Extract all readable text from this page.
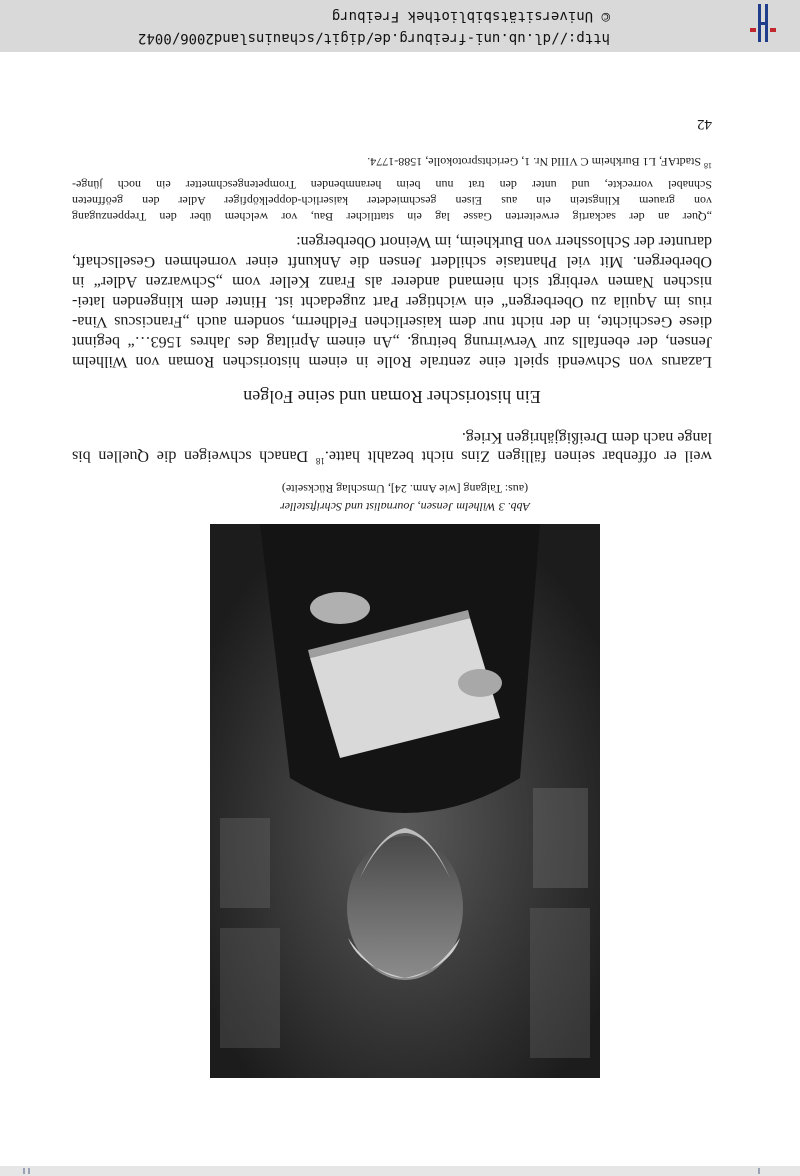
Abb. 3 Wilhelm Jensen, Journalist und Schriftsteller
(aus: Talgang [wie Anm. 24], Umschlag Rückseite)
weil er offenbar seinen fälligen Zins nicht bezahlt hatte.$^{18}$ Danach schweigen die Quellen bis
lange nach dem Dreißigjährigen Krieg.
Ein historischer Roman und seine Folgen
Lazarus von Schwendi spielt eine zentrale Rolle in einem historischen Roman von Wilhelm
Jensen, der ebenfalls zur Verwirrung beitrug. „An einem Apriltag des Jahres 1563…“ beginnt
diese Geschichte, in der nicht nur dem kaiserlichen Feldherrn, sondern auch „Franciscus Vina-
rius im Aquila zu Oberbergen“ ein wichtiger Part zugedacht ist. Hinter dem klingenden latei-
nischen Namen verbirgt sich niemand anderer als Franz Keller vom „Schwarzen Adler“ in
Oberbergen. Mit viel Phantasie schildert Jensen die Ankunft einer vornehmen Gesellschaft,
darunter der Schlossherr von Burkheim, im Weinort Oberbergen:
„Quer an der sackartig erweiterten Gasse lag ein stattlicher Bau, vor welchem über den Treppenzugang
von grauem Klingstein ein aus Eisen geschmiedeter kaiserlich-doppelköpfiger Adler den geöffneten
Schnabel vorreckte, und unter den trat nun beim heranmbenden Trompetengeschmetter ein noch jünge-
$^{18}$ StadtAF, L1 Burkheim C VIIId Nr. 1, Gerichtsprotokolle, 1588-1774.
42
http://dl.ub.uni-freiburg.de/digit/schauinsland2006/0042
© Universitätsbibliothek Freiburg
